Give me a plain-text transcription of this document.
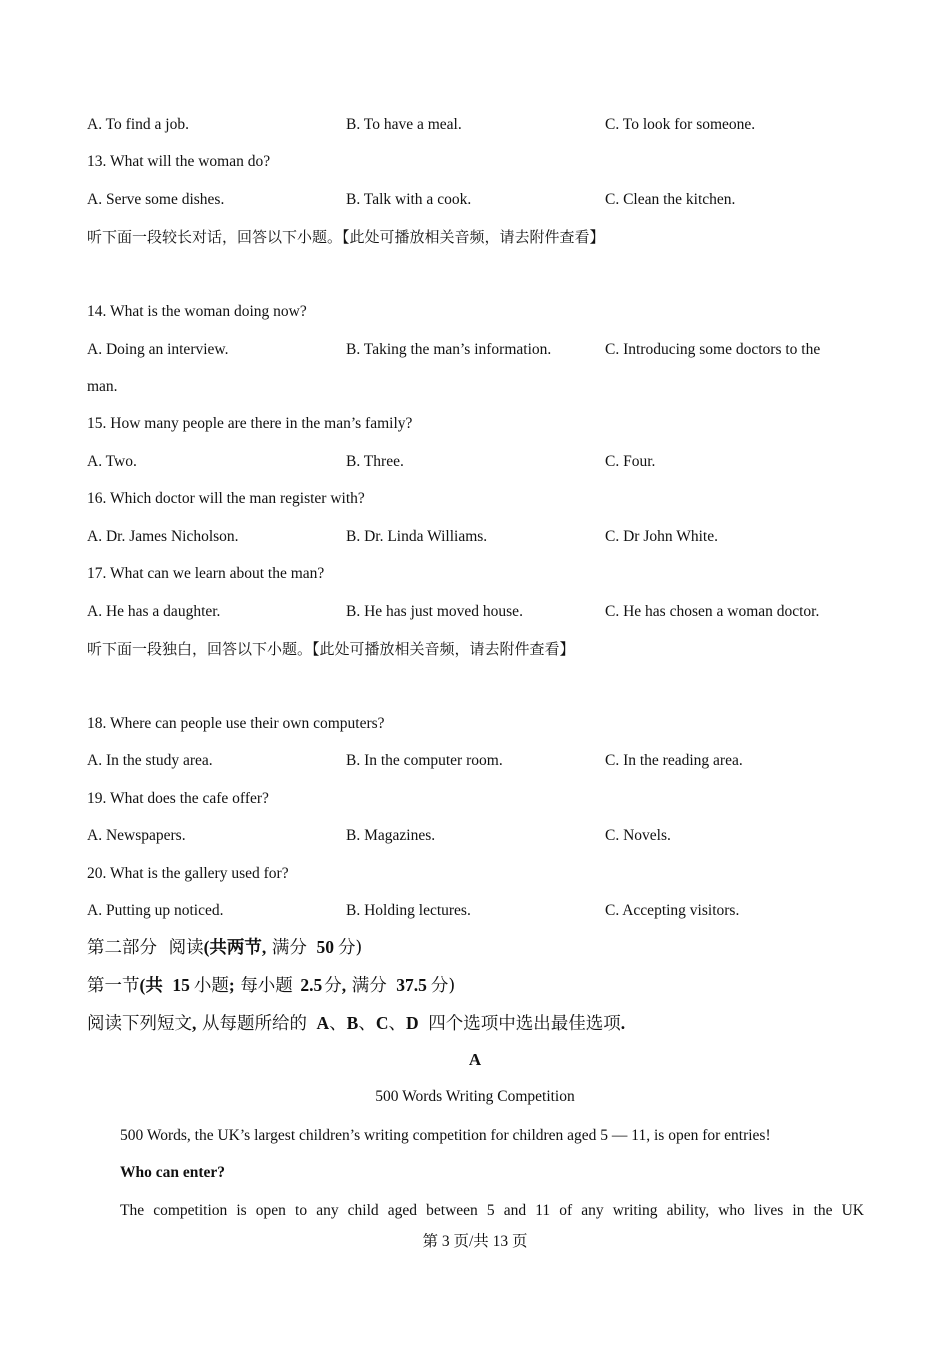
A. To find a job.	B. To have a meal.	C. To look for someone.
13. What will the woman do?
A. Serve some dishes.	B. Talk with a cook.	C. Clean the kitchen.
听下面一段较长对话，回答以下小题。【此处可播放相关音频，请去附件查看】
14. What is the woman doing now?
A. Doing an interview.	B. Taking the man’s information.	C. Introducing some doctors to the
man.
15. How many people are there in the man’s family?
A. Two.	B. Three.	C. Four.
16. Which doctor will the man register with?
A. Dr. James Nicholson.	B. Dr. Linda Williams.	C. Dr John White.
17. What can we learn about the man?
A. He has a daughter.	B. He has just moved house.	C. He has chosen a woman doctor.
听下面一段独白，回答以下小题。【此处可播放相关音频，请去附件查看】
18. Where can people use their own computers?
A. In the study area.	B. In the computer room.	C. In the reading area.
19. What does the cafe offer?
A. Newspapers.	B. Magazines.	C. Novels.
20. What is the gallery used for?
A. Putting up noticed.	B. Holding lectures.	C. Accepting visitors.
第二部分 阅读(共两节, 满分 50 分)
第一节(共 15 小题; 每小题 2.5 分, 满分 37.5 分)
阅读下列短文, 从每题所给的 A、B、C、D 四个选项中选出最佳选项.
A
500 Words Writing Competition
500 Words, the UK’s largest children’s writing competition for children aged 5 — 11, is open for entries!
Who can enter?
The competition is open to any child aged between 5 and 11 of any writing ability, who lives in the UK
第 3 页/共 13 页
